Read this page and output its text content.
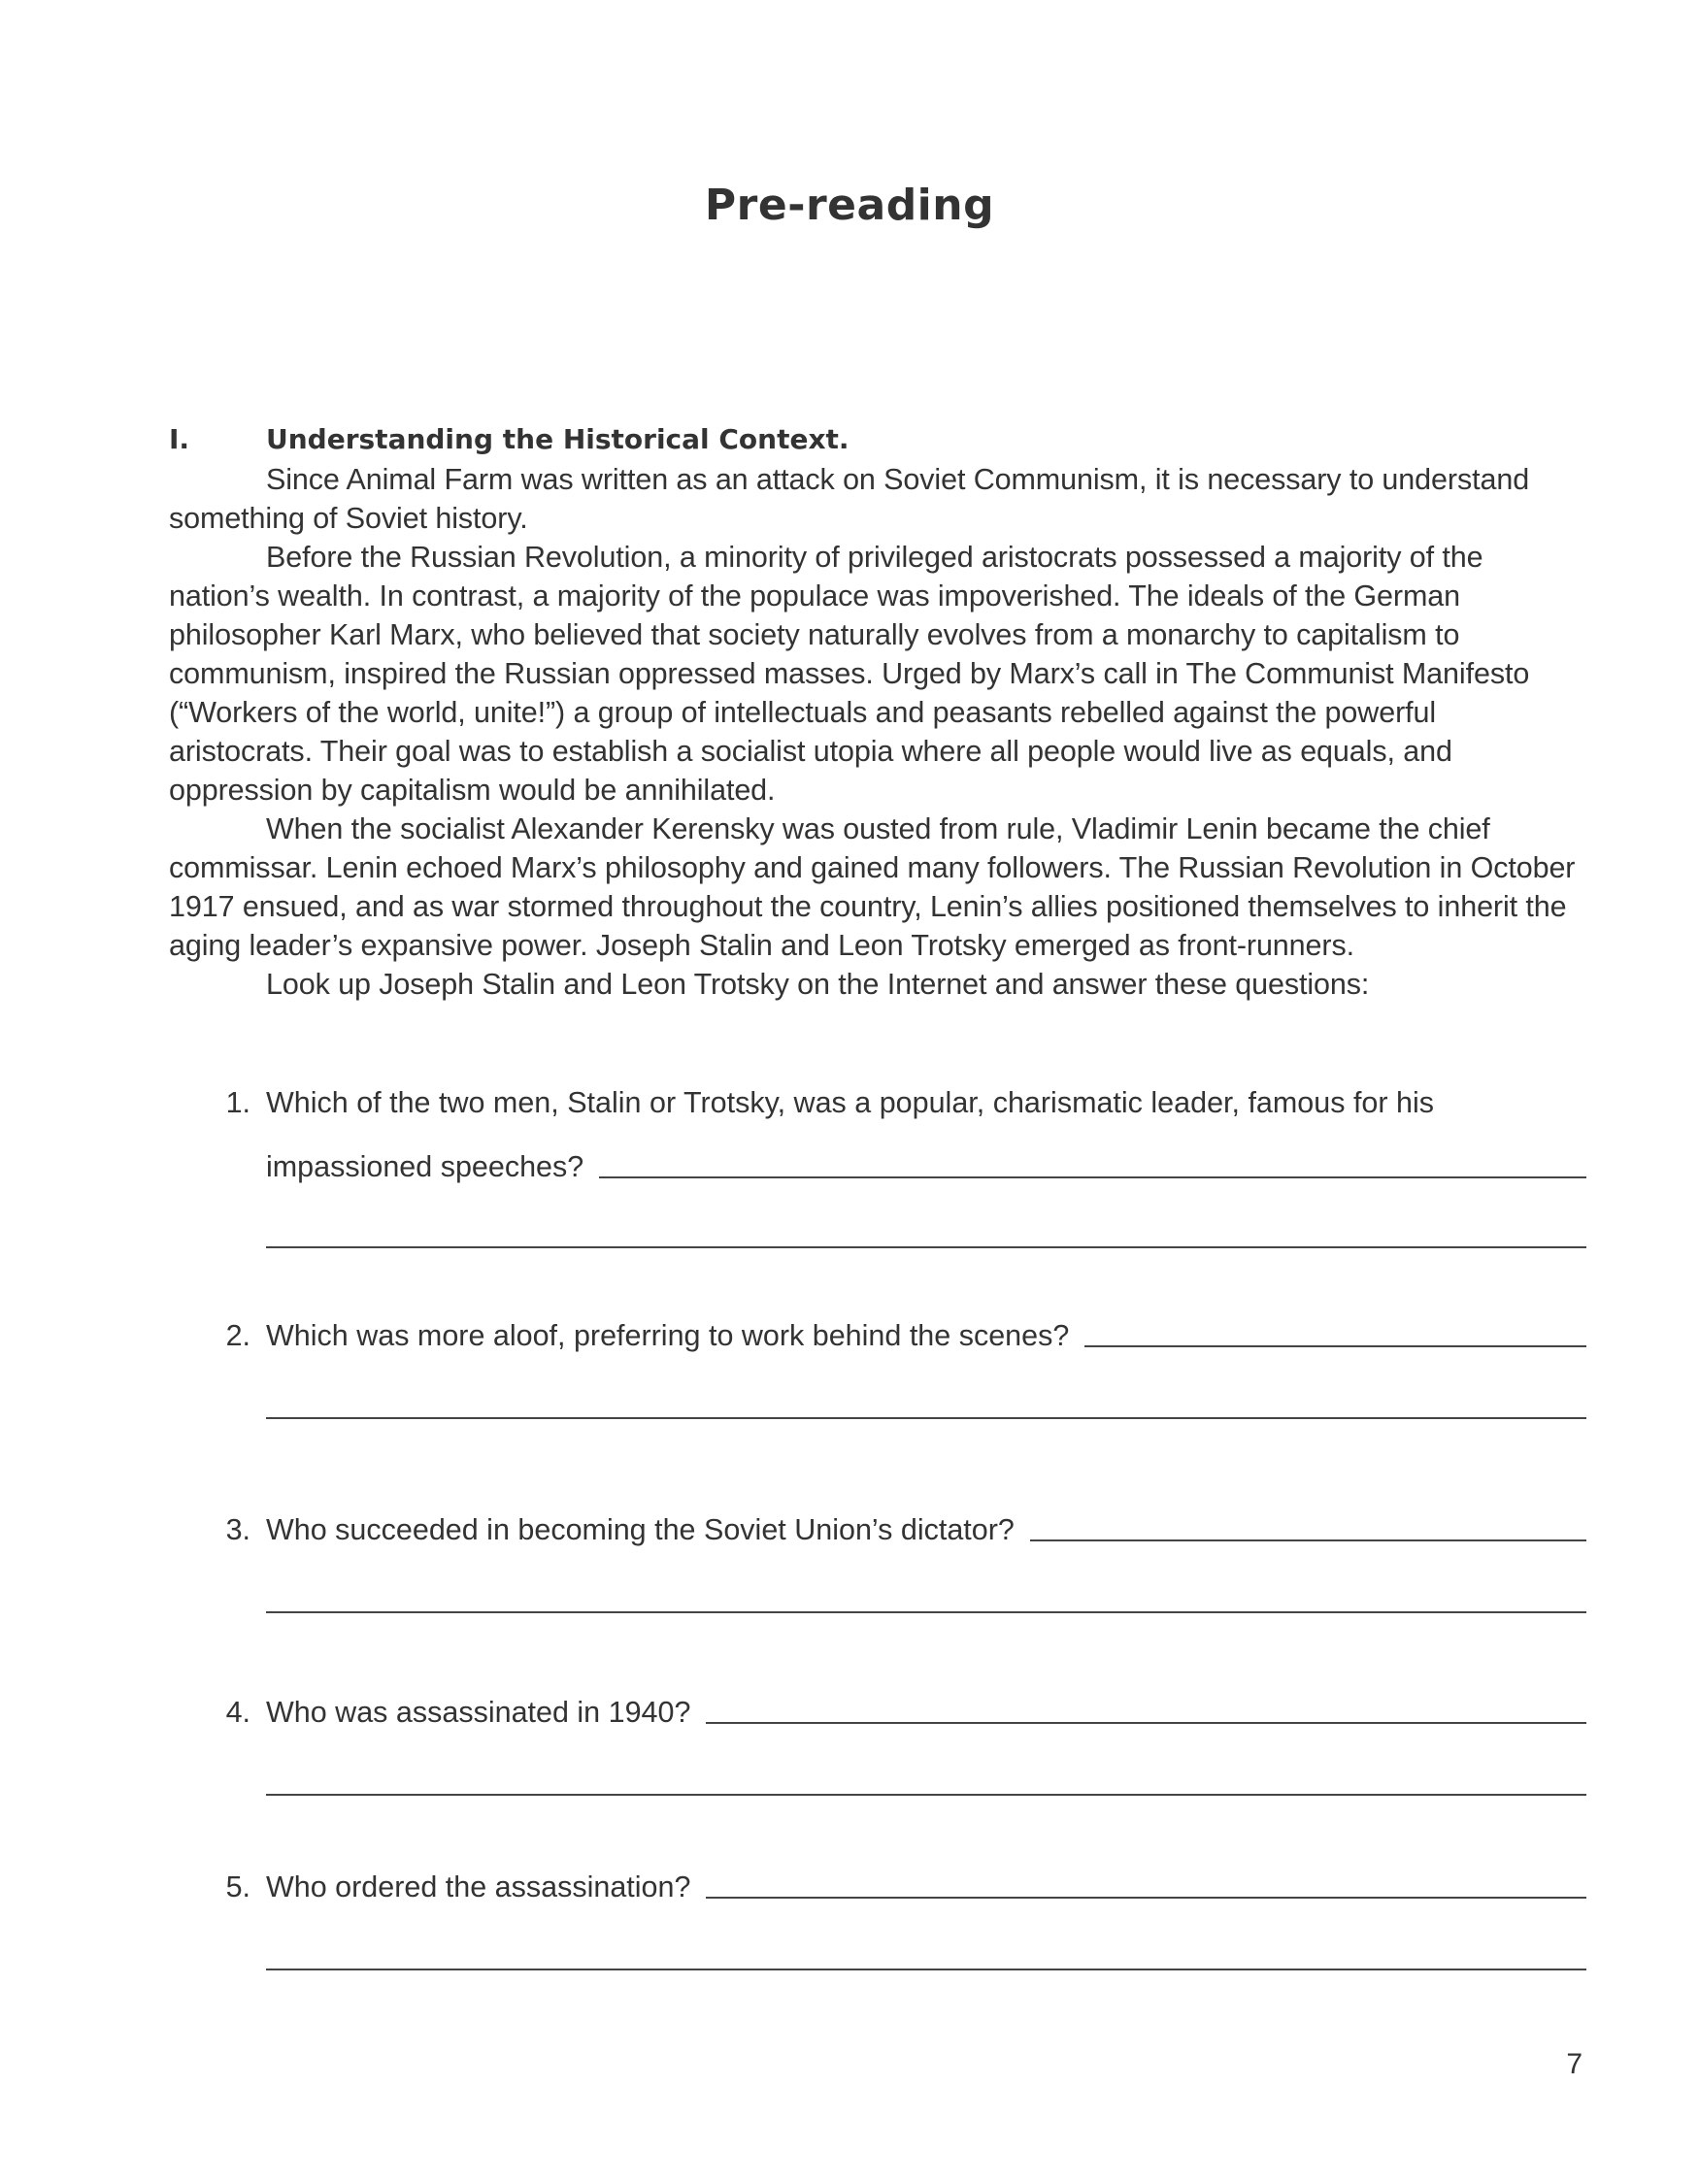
Pre-reading
I.	Understanding the Historical Context.

Since Animal Farm was written as an attack on Soviet Communism, it is necessary to understand something of Soviet history.

Before the Russian Revolution, a minority of privileged aristocrats possessed a majority of the nation’s wealth. In contrast, a majority of the populace was impoverished. The ideals of the German philosopher Karl Marx, who believed that society naturally evolves from a monarchy to capitalism to communism, inspired the Russian oppressed masses. Urged by Marx’s call in The Communist Manifesto (“Workers of the world, unite!”) a group of intellectuals and peasants rebelled against the powerful aristocrats. Their goal was to establish a socialist utopia where all people would live as equals, and oppression by capitalism would be annihilated.

When the socialist Alexander Kerensky was ousted from rule, Vladimir Lenin became the chief commissar. Lenin echoed Marx’s philosophy and gained many followers. The Russian Revolution in October 1917 ensued, and as war stormed throughout the country, Lenin’s allies positioned themselves to inherit the aging leader’s expansive power. Joseph Stalin and Leon Trotsky emerged as front-runners.

Look up Joseph Stalin and Leon Trotsky on the Internet and answer these questions:

1. Which of the two men, Stalin or Trotsky, was a popular, charismatic leader, famous for his
impassioned speeches?
2. Which was more aloof, preferring to work behind the scenes?
3. Who succeeded in becoming the Soviet Union’s dictator?
4. Who was assassinated in 1940?
5. Who ordered the assassination?
7
